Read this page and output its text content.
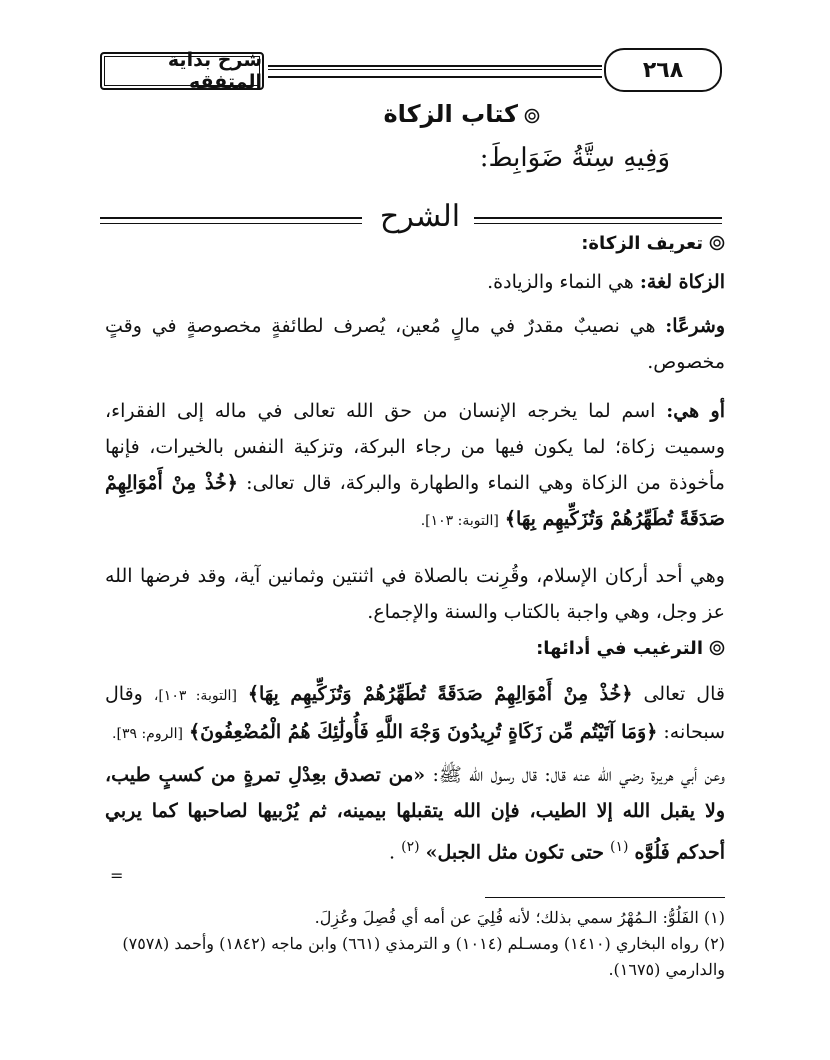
شرح بداية المتفقه	٢٦٨
كتاب الزكاة
وَفِيهِ سِتَّةُ ضَوَابِطَ:
الشرح
تعريف الزكاة:
الزكاة لغة: هي النماء والزيادة.
وشرعًا: هي نصيبٌ مقدرٌ في مالٍ مُعين، يُصرف لطائفةٍ مخصوصةٍ في وقتٍ مخصوص.
أو هي: اسم لما يخرجه الإنسان من حق الله تعالى في ماله إلى الفقراء، وسميت زكاة؛ لما يكون فيها من رجاء البركة، وتزكية النفس بالخيرات، فإنها مأخوذة من الزكاة وهي النماء والطهارة والبركة، قال تعالى: ﴿خُذْ مِنْ أَمْوَالِهِمْ صَدَقَةً تُطَهِّرُهُمْ وَتُزَكِّيهِم بِهَا﴾ [التوبة: ١٠٣].
وهي أحد أركان الإسلام، وقُرِنت بالصلاة في اثنتين وثمانين آية، وقد فرضها الله عز وجل، وهي واجبة بالكتاب والسنة والإجماع.
الترغيب في أدائها:
قال تعالى ﴿خُذْ مِنْ أَمْوَالِهِمْ صَدَقَةً تُطَهِّرُهُمْ وَتُزَكِّيهِم بِهَا﴾ [التوبة: ١٠٣]، وقال سبحانه: ﴿وَمَا آتَيْتُم مِّن زَكَاةٍ تُرِيدُونَ وَجْهَ اللَّهِ فَأُولَٰئِكَ هُمُ الْمُضْعِفُونَ﴾ [الروم: ٣٩].
وعن أبي هريرة رضي الله عنه قال: قال رسول الله ﷺ: «من تصدق بعِدْلِ تمرةٍ من كسبٍ طيب، ولا يقبل الله إلا الطيب، فإن الله يتقبلها بيمينه، ثم يُرْبيها لصاحبها كما يربي أحدكم فَلُوَّه $^{(١)}$ حتى تكون مثل الجبل» $^{(٢)}$ .
=

(١) الفَلُوُّ: الـمُهْرُ سمي بذلك؛ لأنه فُلِيَ عن أمه أي فُصِلَ وعُزِلَ.

(٢) رواه البخاري (١٤١٠) ومسـلم (١٠١٤) و الترمذي (٦٦١) وابن ماجه (١٨٤٢) وأحمد (٧٥٧٨) والدارمي (١٦٧٥).
